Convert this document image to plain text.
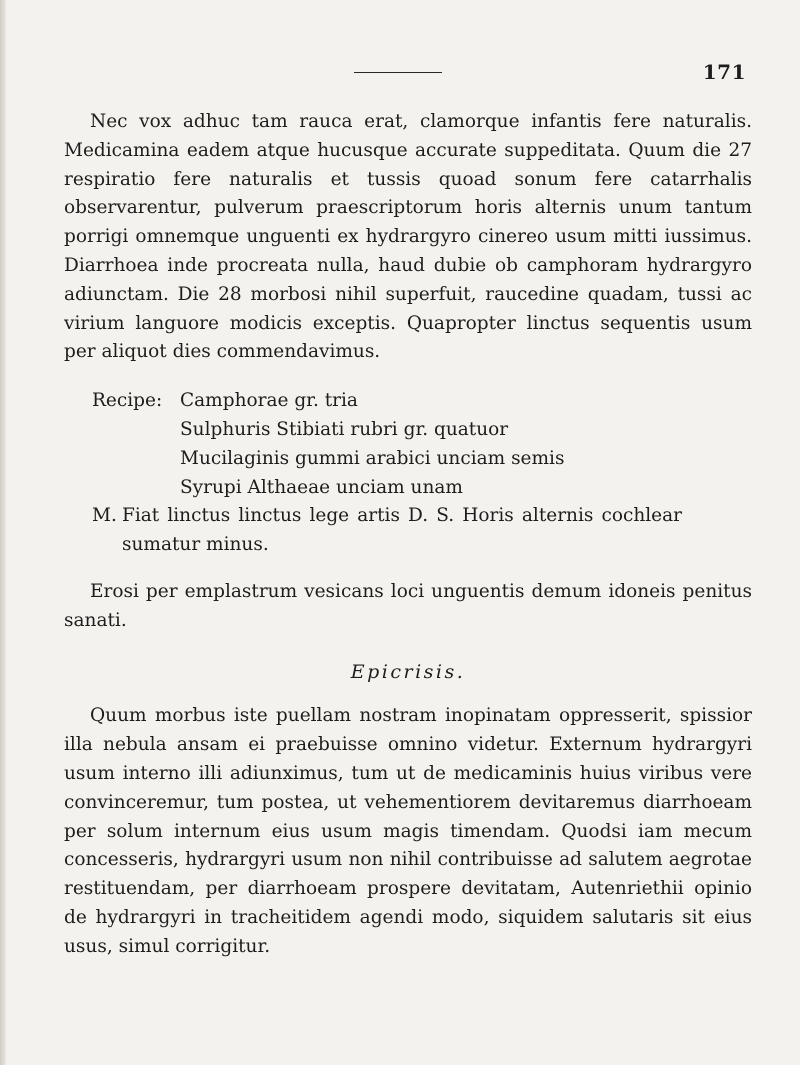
171

Nec vox adhuc tam rauca erat, clamorque infantis fere naturalis. Medicamina eadem atque hucusque accurate suppeditata. Quum die 27 respiratio fere naturalis et tussis quoad sonum fere catarrhalis observarentur, pulverum praescriptorum horis alternis unum tantum porrigi omnemque unguenti ex hydrargyro cinereo usum mitti iussimus. Diarrhoea inde procreata nulla, haud dubie ob camphoram hydrargyro adiunctam. Die 28 morbosi nihil superfuit, raucedine quadam, tussi ac virium languore modicis exceptis. Quapropter linctus sequentis usum per aliquot dies commendavimus.

Recipe: Camphorae gr. tria
Sulphuris Stibiati rubri gr. quatuor
Mucilaginis gummi arabici unciam semis
Syrupi Althaeae unciam unam
M. Fiat linctus linctus lege artis D. S. Horis alternis cochlear sumatur minus.

Erosi per emplastrum vesicans loci unguentis demum idoneis penitus sanati.

Epicrisis.

Quum morbus iste puellam nostram inopinatam oppresserit, spissior illa nebula ansam ei praebuisse omnino videtur. Externum hydrargyri usum interno illi adiunximus, tum ut de medicaminis huius viribus vere convinceremur, tum postea, ut vehementiorem devitaremus diarrhoeam per solum internum eius usum magis timendam. Quodsi iam mecum concesseris, hydrargyri usum non nihil contribuisse ad salutem aegrotae restituendam, per diarrhoeam prospere devitatam, Autenriethii opinio de hydrargyri in tracheitidem agendi modo, siquidem salutaris sit eius usus, simul corrigitur.
